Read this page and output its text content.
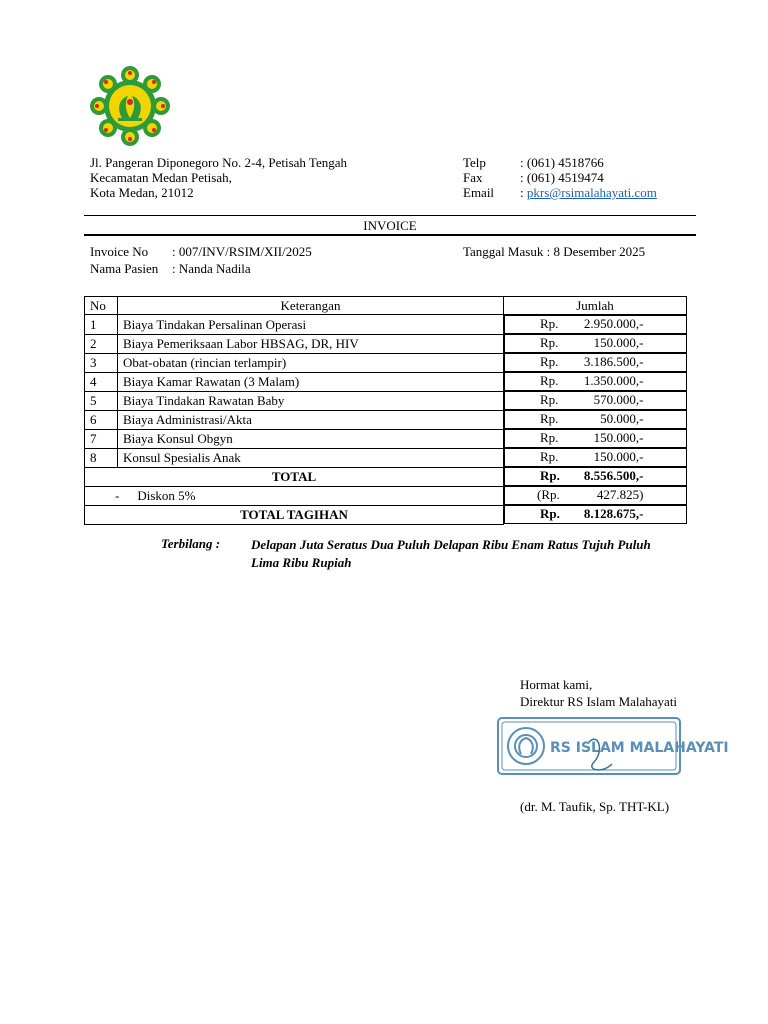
Jl. Pangeran Diponegoro No. 2-4, Petisah Tengah
Kecamatan Medan Petisah,
Kota Medan, 21012
Telp	: (061) 4518766
Fax	: (061) 4519474
Email : pkrs@rsimalahayati.com
INVOICE
Invoice No : 007/INV/RSIM/XII/2025
Nama Pasien : Nanda Nadila
Tanggal Masuk : 8 Desember 2025
No	Keterangan	Jumlah
1	Biaya Tindakan Persalinan Operasi		Rp. 2.950.000,-

2	Biaya Pemeriksaan Labor HBSAG, DR, HIV		Rp.	150.000,-

3	Obat-obatan (rincian terlampir)		Rp. 3.186.500,-

4	Biaya Kamar Rawatan (3 Malam)		Rp. 1.350.000,-

5	Biaya Tindakan Rawatan Baby		Rp.	570.000,-

6	Biaya Administrasi/Akta		Rp.	50.000,-

7	Biaya Konsul Obgyn		Rp.	150.000,-

8	Konsul Spesialis Anak		Rp.	150.000,-

TOTAL		Rp. 8.556.500,-

- Diskon 5%		(Rp.	427.825)

TOTAL TAGIHAN		Rp. 8.128.675,-
Terbilang : Delapan Juta Seratus Dua Puluh Delapan Ribu Enam Ratus Tujuh Puluh
Lima Ribu Rupiah
Hormat kami,
Direktur RS Islam Malahayati
RS ISLAM MALAHAYATI
(dr. M. Taufik, Sp. THT-KL)
